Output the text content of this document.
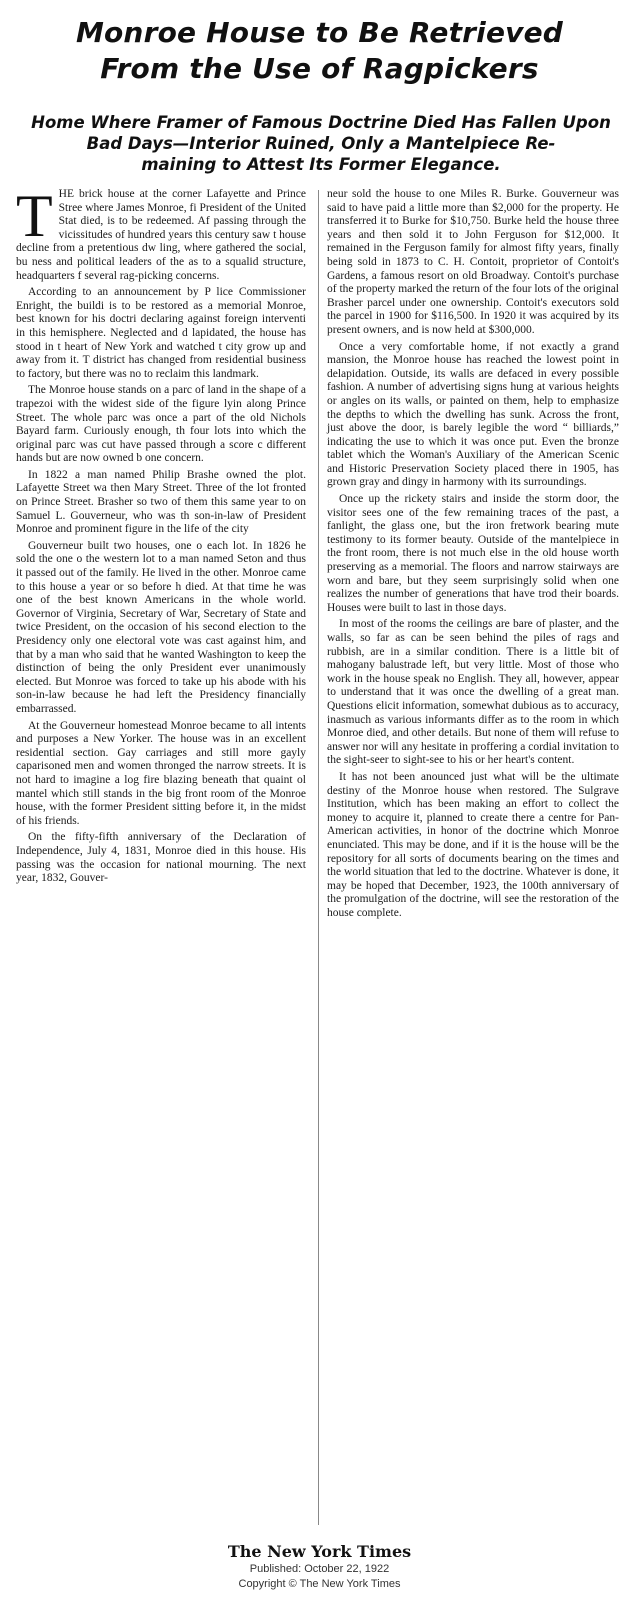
Monroe House to Be Retrieved
From the Use of Ragpickers
Home Where Framer of Famous Doctrine Died Has Fallen Upon
Bad Days—Interior Ruined, Only a Mantelpiece Re-
maining to Attest Its Former Elegance.
T HE brick house at the corner Lafayette and Prince Stree where James Monroe, fi President of the United Stat died, is to be redeemed. Af passing through the vicissitudes of hundred years this century saw t house decline from a pretentious dw ling, where gathered the social, bu ness and political leaders of the as to a squalid structure, headquarters f several rag-picking concerns.

According to an announcement by P lice Commissioner Enright, the buildi is to be restored as a memorial Monroe, best known for his doctri declaring against foreign interventi in this hemisphere. Neglected and d lapidated, the house has stood in t heart of New York and watched t city grow up and away from it. T district has changed from residential business to factory, but there was no to reclaim this landmark.

The Monroe house stands on a parc of land in the shape of a trapezoi with the widest side of the figure lyin along Prince Street. The whole parc was once a part of the old Nichols Bayard farm. Curiously enough, th four lots into which the original parc was cut have passed through a score c different hands but are now owned b one concern.

In 1822 a man named Philip Brashe owned the plot. Lafayette Street wa then Mary Street. Three of the lot fronted on Prince Street. Brasher so two of them this same year to on Samuel L. Gouverneur, who was th son-in-law of President Monroe and prominent figure in the life of the city

Gouverneur built two houses, one o each lot. In 1826 he sold the one o the western lot to a man named Seton and thus it passed out of the family. He lived in the other. Monroe came to this house a year or so before h died. At that time he was one of the best known Americans in the whole world. Governor of Virginia, Secretary of War, Secretary of State and twice President, on the occasion of his second election to the Presidency only one electoral vote was cast against him, and that by a man who said that he wanted Washington to keep the distinction of being the only President ever unanimously elected. But Monroe was forced to take up his abode with his son-in-law because he had left the Presidency financially embarrassed.

At the Gouverneur homestead Monroe became to all intents and purposes a New Yorker. The house was in an excellent residential section. Gay carriages and still more gayly caparisoned men and women thronged the narrow streets. It is not hard to imagine a log fire blazing beneath that quaint ol mantel which still stands in the big front room of the Monroe house, with the former President sitting before it, in the midst of his friends.

On the fifty-fifth anniversary of the Declaration of Independence, July 4, 1831, Monroe died in this house. His passing was the occasion for national mourning. The next year, 1832, Gouver-

neur sold the house to one Miles R. Burke. Gouverneur was said to have paid a little more than $2,000 for the property. He transferred it to Burke for $10,750. Burke held the house three years and then sold it to John Ferguson for $12,000. It remained in the Ferguson family for almost fifty years, finally being sold in 1873 to C. H. Contoit, proprietor of Contoit's Gardens, a famous resort on old Broadway. Contoit's purchase of the property marked the return of the four lots of the original Brasher parcel under one ownership. Contoit's executors sold the parcel in 1900 for $116,500. In 1920 it was acquired by its present owners, and is now held at $300,000.

Once a very comfortable home, if not exactly a grand mansion, the Monroe house has reached the lowest point in delapidation. Outside, its walls are defaced in every possible fashion. A number of advertising signs hung at various heights or angles on its walls, or painted on them, help to emphasize the depths to which the dwelling has sunk. Across the front, just above the door, is barely legible the word “ billiards,” indicating the use to which it was once put. Even the bronze tablet which the Woman's Auxiliary of the American Scenic and Historic Preservation Society placed there in 1905, has grown gray and dingy in harmony with its surroundings.

Once up the rickety stairs and inside the storm door, the visitor sees one of the few remaining traces of the past, a fanlight, the glass one, but the iron fretwork bearing mute testimony to its former beauty. Outside of the mantelpiece in the front room, there is not much else in the old house worth preserving as a memorial. The floors and narrow stairways are worn and bare, but they seem surprisingly solid when one realizes the number of generations that have trod their boards. Houses were built to last in those days.

In most of the rooms the ceilings are bare of plaster, and the walls, so far as can be seen behind the piles of rags and rubbish, are in a similar condition. There is a little bit of mahogany balustrade left, but very little. Most of those who work in the house speak no English. They all, however, appear to understand that it was once the dwelling of a great man. Questions elicit information, somewhat dubious as to accuracy, inasmuch as various informants differ as to the room in which Monroe died, and other details. But none of them will refuse to answer nor will any hesitate in proffering a cordial invitation to the sight-seer to sight-see to his or her heart's content.

It has not been anounced just what will be the ultimate destiny of the Monroe house when restored. The Sulgrave Institution, which has been making an effort to collect the money to acquire it, planned to create there a centre for Pan-American activities, in honor of the doctrine which Monroe enunciated. This may be done, and if it is the house will be the repository for all sorts of documents bearing on the times and the world situation that led to the doctrine. Whatever is done, it may be hoped that December, 1923, the 100th anniversary of the promulgation of the doctrine, will see the restoration of the house complete.

The New York Times
Published: October 22, 1922
Copyright © The New York Times
